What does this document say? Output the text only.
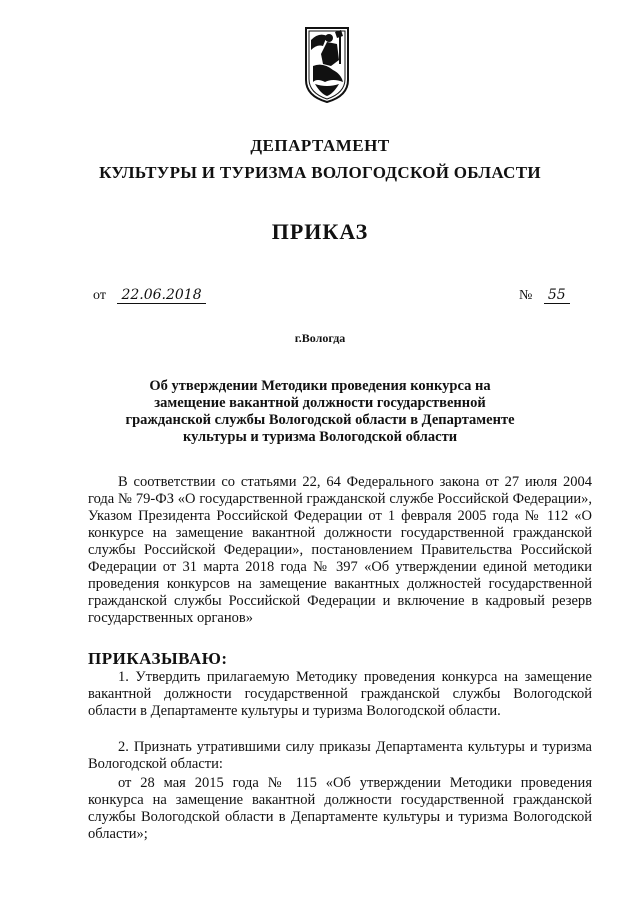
ДЕПАРТАМЕНТ
КУЛЬТУРЫ И ТУРИЗМА ВОЛОГОДСКОЙ ОБЛАСТИ
ПРИКАЗ
от 22.06.2018	№ 55
г.Вологда
Об утверждении Методики проведения конкурса на замещение вакантной должности государственной гражданской службы Вологодской области в Департаменте культуры и туризма Вологодской области
В соответствии со статьями 22, 64 Федерального закона от 27 июля 2004 года № 79-ФЗ «О государственной гражданской службе Российской Федерации», Указом Президента Российской Федерации от 1 февраля 2005 года № 112 «О конкурсе на замещение вакантной должности государственной гражданской службы Российской Федерации», постановлением Правительства Российской Федерации от 31 марта 2018 года № 397 «Об утверждении единой методики проведения конкурсов на замещение вакантных должностей государственной гражданской службы Российской Федерации и включение в кадровый резерв государственных органов»
ПРИКАЗЫВАЮ:
1. Утвердить прилагаемую Методику проведения конкурса на замещение вакантной должности государственной гражданской службы Вологодской области в Департаменте культуры и туризма Вологодской области.
2. Признать утратившими силу приказы Департамента культуры и туризма Вологодской области:
от 28 мая 2015 года № 115 «Об утверждении Методики проведения конкурса на замещение вакантной должности государственной гражданской службы Вологодской области в Департаменте культуры и туризма Вологодской области»;
